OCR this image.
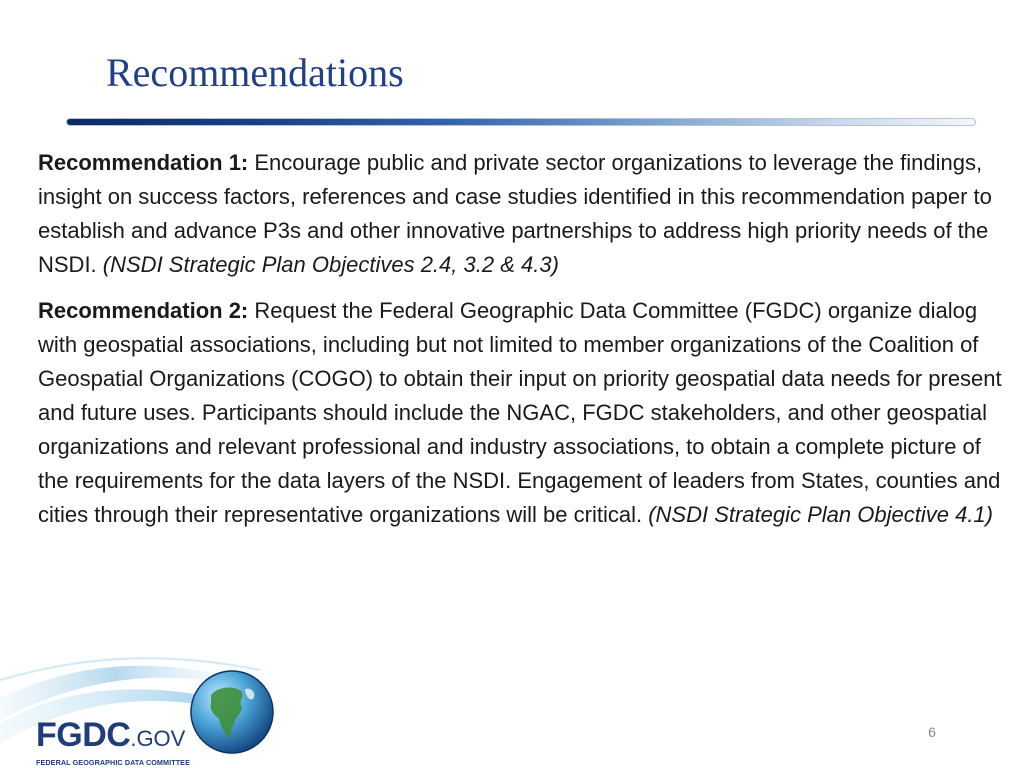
Recommendations

Recommendation 1: Encourage public and private sector organizations to leverage the findings, insight on success factors, references and case studies identified in this recommendation paper to establish and advance P3s and other innovative partnerships to address high priority needs of the NSDI. (NSDI Strategic Plan Objectives 2.4, 3.2 & 4.3)

Recommendation 2: Request the Federal Geographic Data Committee (FGDC) organize dialog with geospatial associations, including but not limited to member organizations of the Coalition of Geospatial Organizations (COGO) to obtain their input on priority geospatial data needs for present and future uses. Participants should include the NGAC, FGDC stakeholders, and other geospatial organizations and relevant professional and industry associations, to obtain a complete picture of the requirements for the data layers of the NSDI. Engagement of leaders from States, counties and cities through their representative organizations will be critical. (NSDI Strategic Plan Objective 4.1)

FGDC.GOV
FEDERAL GEOGRAPHIC DATA COMMITTEE
6
